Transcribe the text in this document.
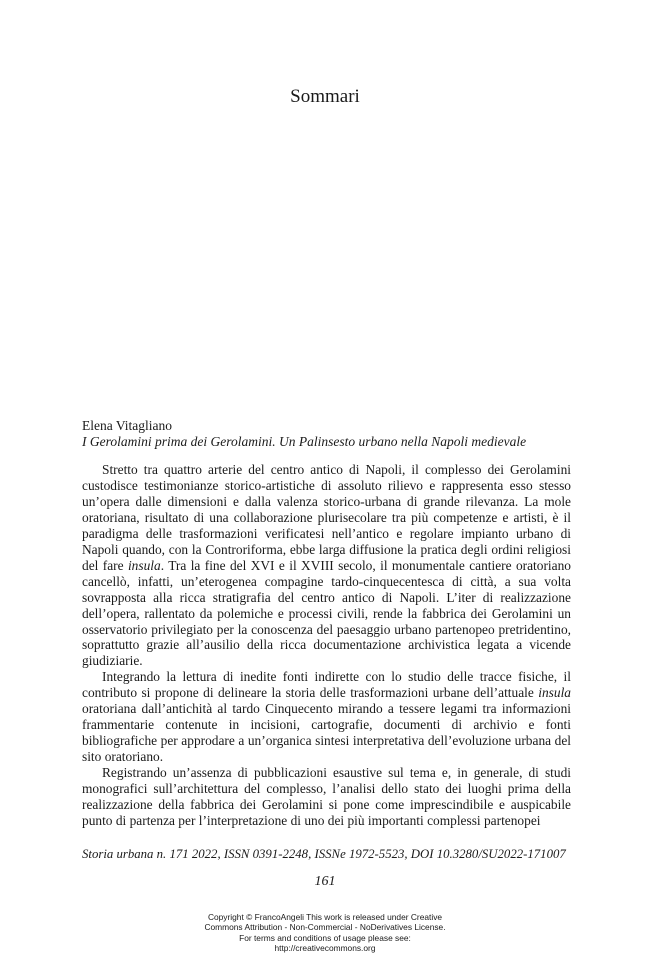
Sommari
Elena Vitagliano
I Gerolamini prima dei Gerolamini. Un Palinsesto urbano nella Napoli medievale

Stretto tra quattro arterie del centro antico di Napoli, il complesso dei Gerolamini custodisce testimonianze storico-artistiche di assoluto rilievo e rappresenta esso stesso un’opera dalle dimensioni e dalla valenza storico-urbana di grande rilevanza. La mole oratoriana, risultato di una collaborazione plurisecolare tra più competenze e artisti, è il paradigma delle trasformazioni verificatesi nell’antico e regolare impianto urbano di Napoli quando, con la Controriforma, ebbe larga diffusione la pratica degli ordini religiosi del fare insula. Tra la fine del XVI e il XVIII secolo, il monumentale cantiere oratoriano cancellò, infatti, un’eterogenea compagine tardo-cinquecentesca di città, a sua volta sovrapposta alla ricca stratigrafia del centro antico di Napoli. L’iter di realizzazione dell’opera, rallentato da polemiche e processi civili, rende la fabbrica dei Gerolamini un osservatorio privilegiato per la conoscenza del paesaggio urbano partenopeo pretridentino, soprattutto grazie all’ausilio della ricca documentazione archivistica legata a vicende giudiziarie.

Integrando la lettura di inedite fonti indirette con lo studio delle tracce fisiche, il contributo si propone di delineare la storia delle trasformazioni urbane dell’attuale insula oratoriana dall’antichità al tardo Cinquecento mirando a tessere legami tra informazioni frammentarie contenute in incisioni, cartografie, documenti di archivio e fonti bibliografiche per approdare a un’organica sintesi interpretativa dell’evoluzione urbana del sito oratoriano.

Registrando un’assenza di pubblicazioni esaustive sul tema e, in generale, di studi monografici sull’architettura del complesso, l’analisi dello stato dei luoghi prima della realizzazione della fabbrica dei Gerolamini si pone come imprescindibile e auspicabile punto di partenza per l’interpretazione di uno dei più importanti complessi partenopei

Storia urbana n. 171 2022, ISSN 0391-2248, ISSNe 1972-5523, DOI 10.3280/SU2022-171007
161
Copyright © FrancoAngeli This work is released under Creative
Commons Attribution - Non-Commercial - NoDerivatives License.
For terms and conditions of usage please see:
http://creativecommons.org
